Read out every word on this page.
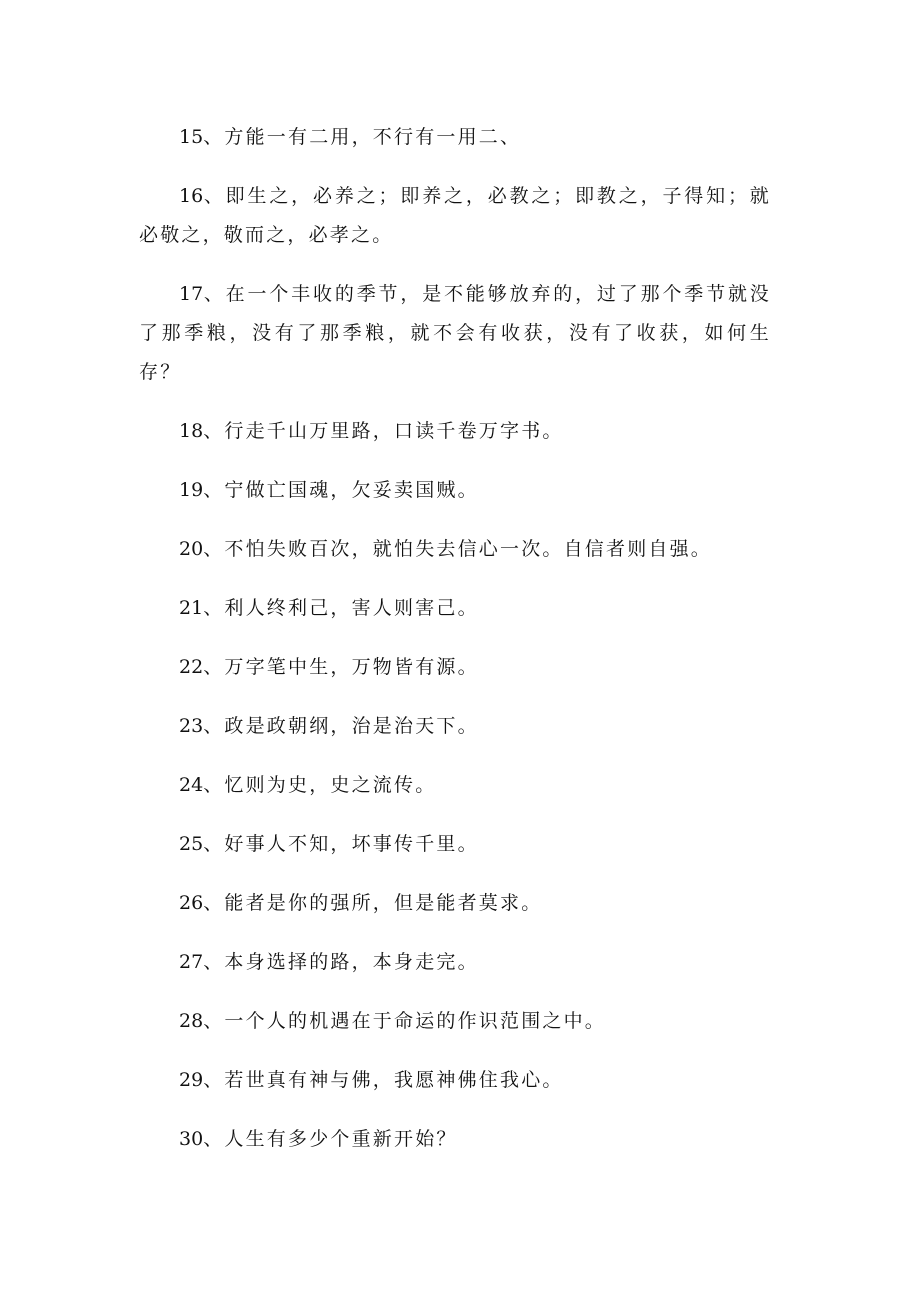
15、方能一有二用，不行有一用二、

16、即生之，必养之；即养之，必教之；即教之，子得知；就必敬之，敬而之，必孝之。

17、在一个丰收的季节，是不能够放弃的，过了那个季节就没了那季粮，没有了那季粮，就不会有收获，没有了收获，如何生存？

18、行走千山万里路，口读千卷万字书。

19、宁做亡国魂，欠妥卖国贼。

20、不怕失败百次，就怕失去信心一次。自信者则自强。

21、利人终利己，害人则害己。

22、万字笔中生，万物皆有源。

23、政是政朝纲，治是治天下。

24、忆则为史，史之流传。

25、好事人不知，坏事传千里。

26、能者是你的强所，但是能者莫求。

27、本身选择的路，本身走完。

28、一个人的机遇在于命运的作识范围之中。

29、若世真有神与佛，我愿神佛住我心。

30、人生有多少个重新开始？
